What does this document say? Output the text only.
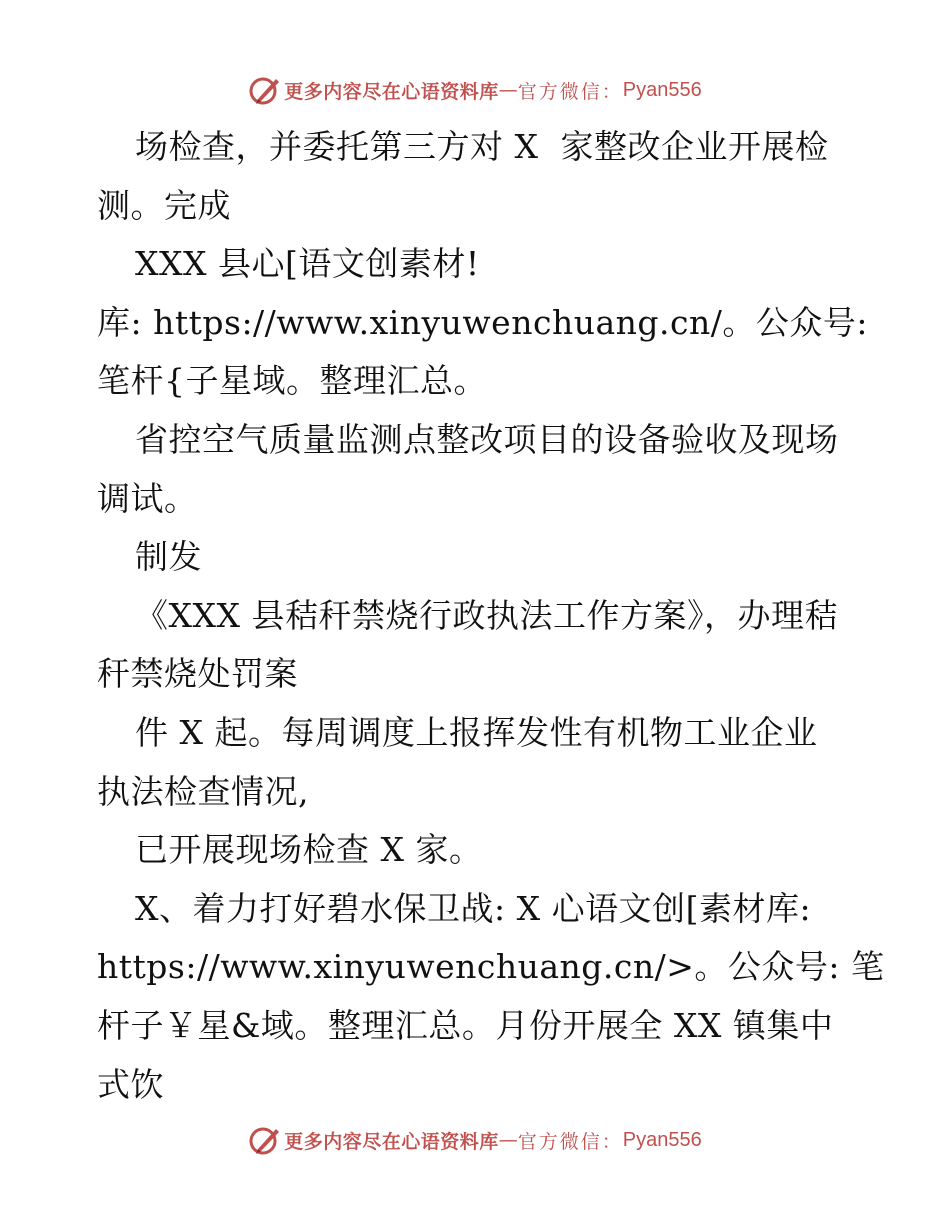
更多内容尽在心语资料库 — 官方微信： Pyan556
场检查，并委托第三方对 X  家整改企业开展检
测。完成
XXX 县心[语文创素材!
库: https://www.xinyuwenchuang.cn/。公众号:
笔杆{子星域。整理汇总。
省控空气质量监测点整改项目的设备验收及现场
调试。
制发
《XXX 县秸秆禁烧行政执法工作方案》，办理秸
秆禁烧处罚案
件 X 起。每周调度上报挥发性有机物工业企业
执法检查情况,
已开展现场检查 X 家。
X、着力打好碧水保卫战: X 心语文创[素材库:
https://www.xinyuwenchuang.cn/>。公众号: 笔
杆子￥星&域。整理汇总。月份开展全 XX 镇集中
式饮
更多内容尽在心语资料库 — 官方微信： Pyan556
